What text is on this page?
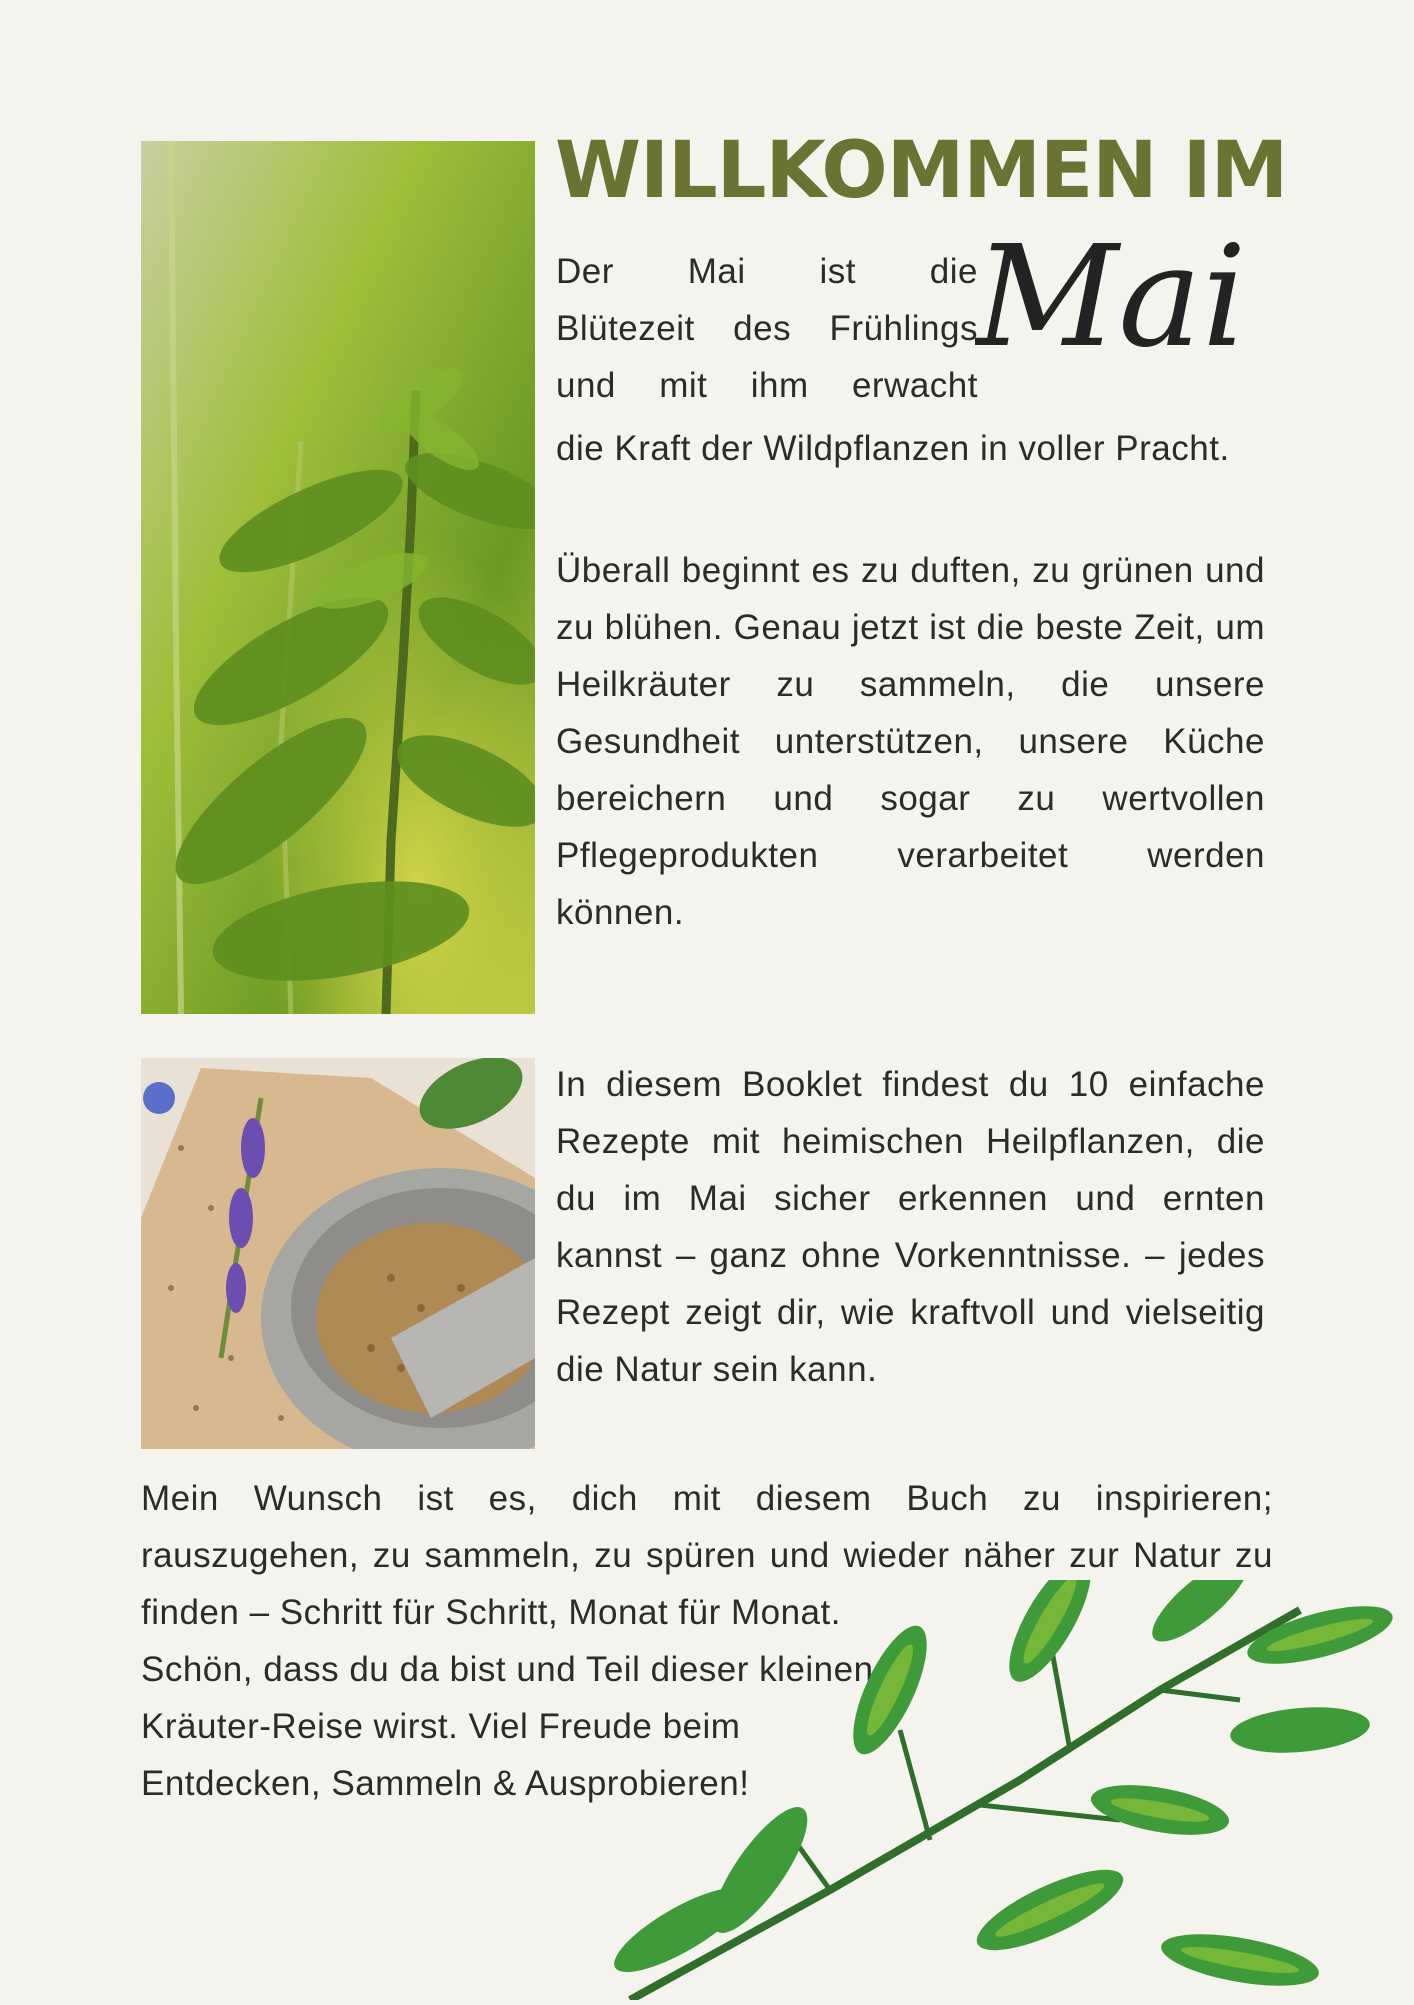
WILLKOMMEN IM
Mai

Der Mai ist die
Blütezeit des Frühlings
und mit ihm erwacht

die Kraft der Wildpflanzen in voller Pracht.

Überall beginnt es zu duften, zu grünen und zu blühen. Genau jetzt ist die beste Zeit, um Heilkräuter zu sammeln, die unsere Gesundheit unterstützen, unsere Küche bereichern und sogar zu wertvollen Pflegeprodukten verarbeitet werden können.

In diesem Booklet findest du 10 einfache Rezepte mit heimischen Heilpflanzen, die du im Mai sicher erkennen und ernten kannst – ganz ohne Vorkenntnisse. – jedes Rezept zeigt dir, wie kraftvoll und vielseitig die Natur sein kann.

Mein Wunsch ist es, dich mit diesem Buch zu inspirieren; rauszugehen, zu sammeln, zu spüren und wieder näher zur Natur zu finden – Schritt für Schritt, Monat für Monat.

Schön, dass du da bist und Teil dieser kleinen
Kräuter-Reise wirst. Viel Freude beim
Entdecken, Sammeln & Ausprobieren!
